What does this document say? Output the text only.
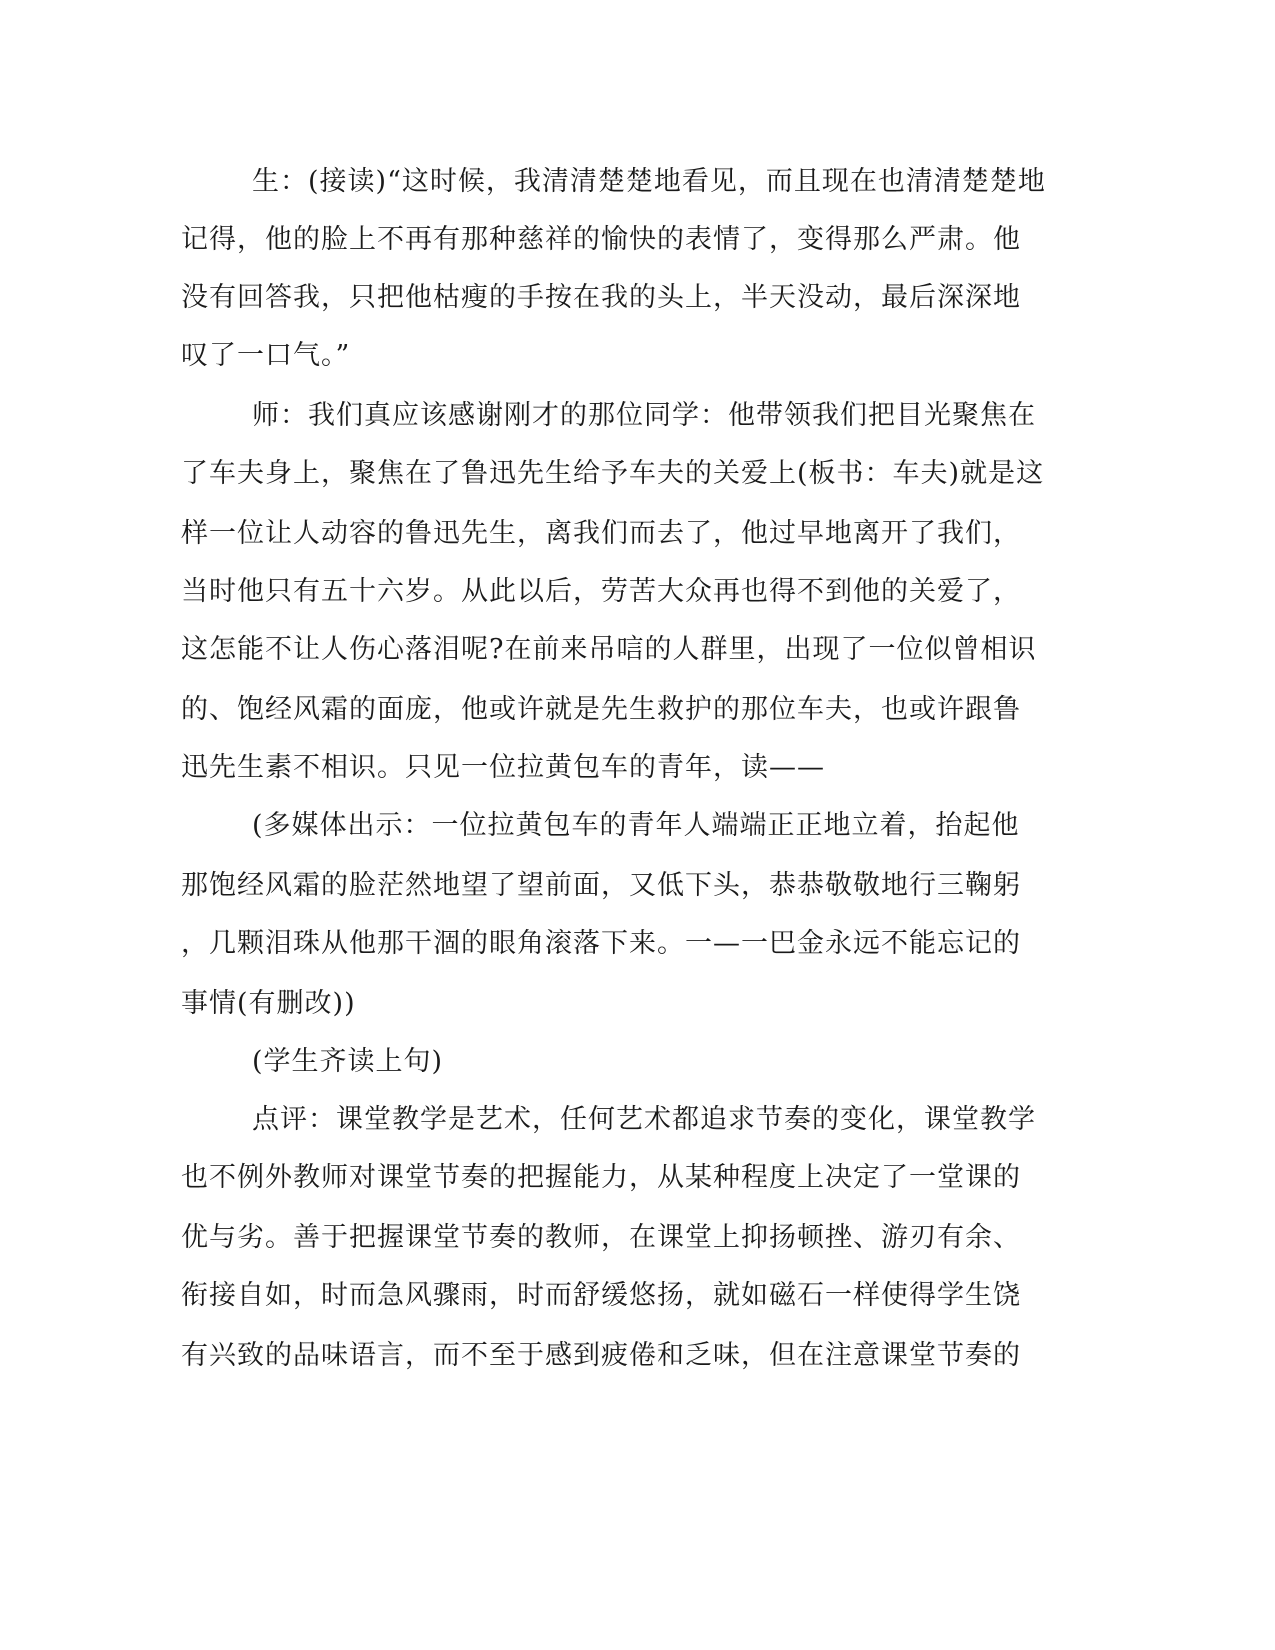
生：(接读)“这时候，我清清楚楚地看见，而且现在也清清楚楚地
记得，他的脸上不再有那种慈祥的愉快的表情了，变得那么严肃。他
没有回答我，只把他枯瘦的手按在我的头上，半天没动，最后深深地
叹了一口气。”
师：我们真应该感谢刚才的那位同学：他带领我们把目光聚焦在
了车夫身上，聚焦在了鲁迅先生给予车夫的关爱上(板书：车夫)就是这
样一位让人动容的鲁迅先生，离我们而去了，他过早地离开了我们，
当时他只有五十六岁。从此以后，劳苦大众再也得不到他的关爱了，
这怎能不让人伤心落泪呢?在前来吊唁的人群里，出现了一位似曾相识
的、饱经风霜的面庞，他或许就是先生救护的那位车夫，也或许跟鲁
迅先生素不相识。只见一位拉黄包车的青年，读——
(多媒体出示：一位拉黄包车的青年人端端正正地立着，抬起他
那饱经风霜的脸茫然地望了望前面，又低下头，恭恭敬敬地行三鞠躬
，几颗泪珠从他那干涸的眼角滚落下来。一—一巴金永远不能忘记的
事情(有删改))
(学生齐读上句)
点评：课堂教学是艺术，任何艺术都追求节奏的变化，课堂教学
也不例外教师对课堂节奏的把握能力，从某种程度上决定了一堂课的
优与劣。善于把握课堂节奏的教师，在课堂上抑扬顿挫、游刃有余、
衔接自如，时而急风骤雨，时而舒缓悠扬，就如磁石一样使得学生饶
有兴致的品味语言，而不至于感到疲倦和乏味，但在注意课堂节奏的
